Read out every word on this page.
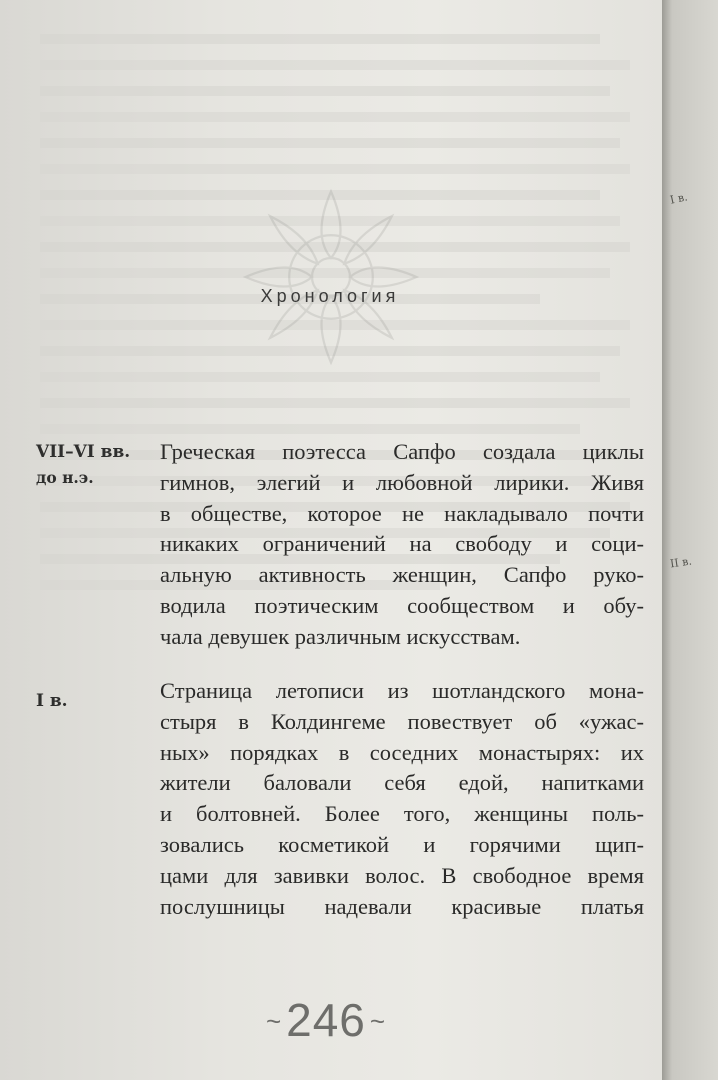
Хронология
VII–VI вв.
до н.э.
Греческая поэтесса Сапфо создала циклы
гимнов, элегий и любовной лирики. Живя
в обществе, которое не накладывало почти
никаких ограничений на свободу и соци-
альную активность женщин, Сапфо руко-
водила поэтическим сообществом и обу-
чала девушек различным искусствам.
I в.	Страница летописи из шотландского мона-
стыря в Колдингеме повествует об «ужас-
ных» порядках в соседних монастырях: их
жители баловали себя едой, напитками
и болтовней. Более того, женщины поль-
зовались косметикой и горячими щип-
цами для завивки волос. В свободное время
послушницы надевали красивые платья
~246 ~
I в.
II в.
